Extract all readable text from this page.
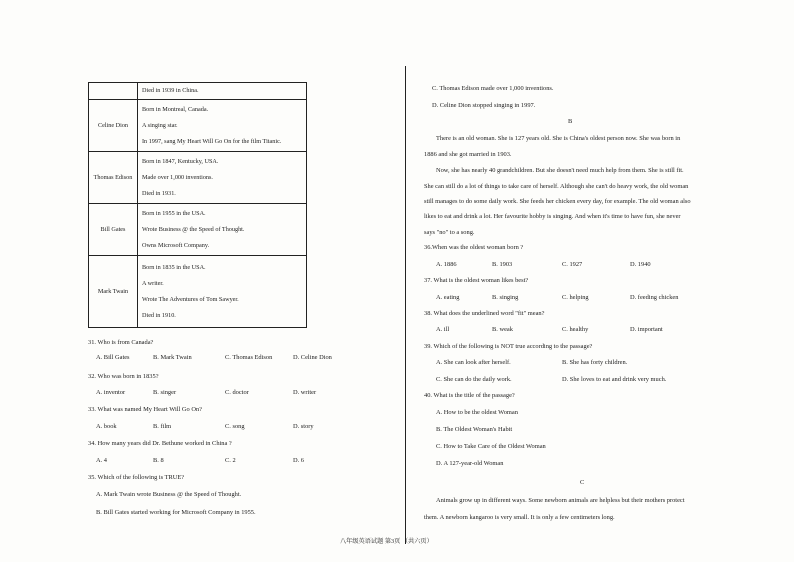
	Died in 1939 in China.

Celine Dion	Born in Montreal, Canada.
A singing star.
In 1997, sang My Heart Will Go On for the film Titanic.

Thomas Edison	Born in 1847, Kentucky, USA.
Made over 1,000 inventions.
Died in 1931.

Bill Gates	Born in 1955 in the USA.
Wrote Business @ the Speed of Thought.
Owns Microsoft Company.

Mark Twain	Born in 1835 in the USA.
A writer.
Wrote The Adventures of Tom Sawyer.
Died in 1910.
31. Who is from Canada?
A. Bill Gates	B. Mark Twain	C. Thomas Edison	D. Celine Dion
32. Who was born in 1835?
A. inventor	B. singer	C. doctor	D. writer
33. What was named My Heart Will Go On?
A. book	B. film	C. song	D. story
34. How many years did Dr. Bethune worked in China ?
A. 4	B. 8	C. 2	D. 6
35. Which of the following is TRUE?
A. Mark Twain wrote Business @ the Speed of Thought.
B. Bill Gates started working for Microsoft Company in 1955.
C. Thomas Edison made over 1,000 inventions.
D. Celine Dion stopped singing in 1997.
B
There is an old woman. She is 127 years old. She is China's oldest person now. She was born in
1886 and she got married in 1903.
Now, she has nearly 40 grandchildren. But she doesn't need much help from them. She is still fit.
She can still do a lot of things to take care of herself. Although she can't do heavy work, the old woman
still manages to do some daily work. She feeds her chicken every day, for example. The old woman also
likes to eat and drink a lot. Her favourite hobby is singing. And when it's time to have fun, she never
says "no" to a song.
36.When was the oldest woman born ?
A. 1886	B. 1903	C. 1927	D. 1940
37. What is the oldest woman likes best?
A. eating	B. singing	C. helping	D. feeding chicken
38. What does the underlined word "fit" mean?
A. ill	B. weak	C. healthy	D. important
39. Which of the following is NOT true according to the passage?
A. She can look after herself.	B. She has forty children.
C. She can do the daily work.	D. She loves to eat and drink very much.
40. What is the title of the passage?
A. How to be the oldest Woman
B. The Oldest Woman's Habit
C. How to Take Care of the Oldest Woman
D. A 127-year-old Woman
C
Animals grow up in different ways. Some newborn animals are helpless but their mothers protect
them. A newborn kangaroo is very small. It is only a few centimeters long.
八年级英语试题 第3页 （共六页）
